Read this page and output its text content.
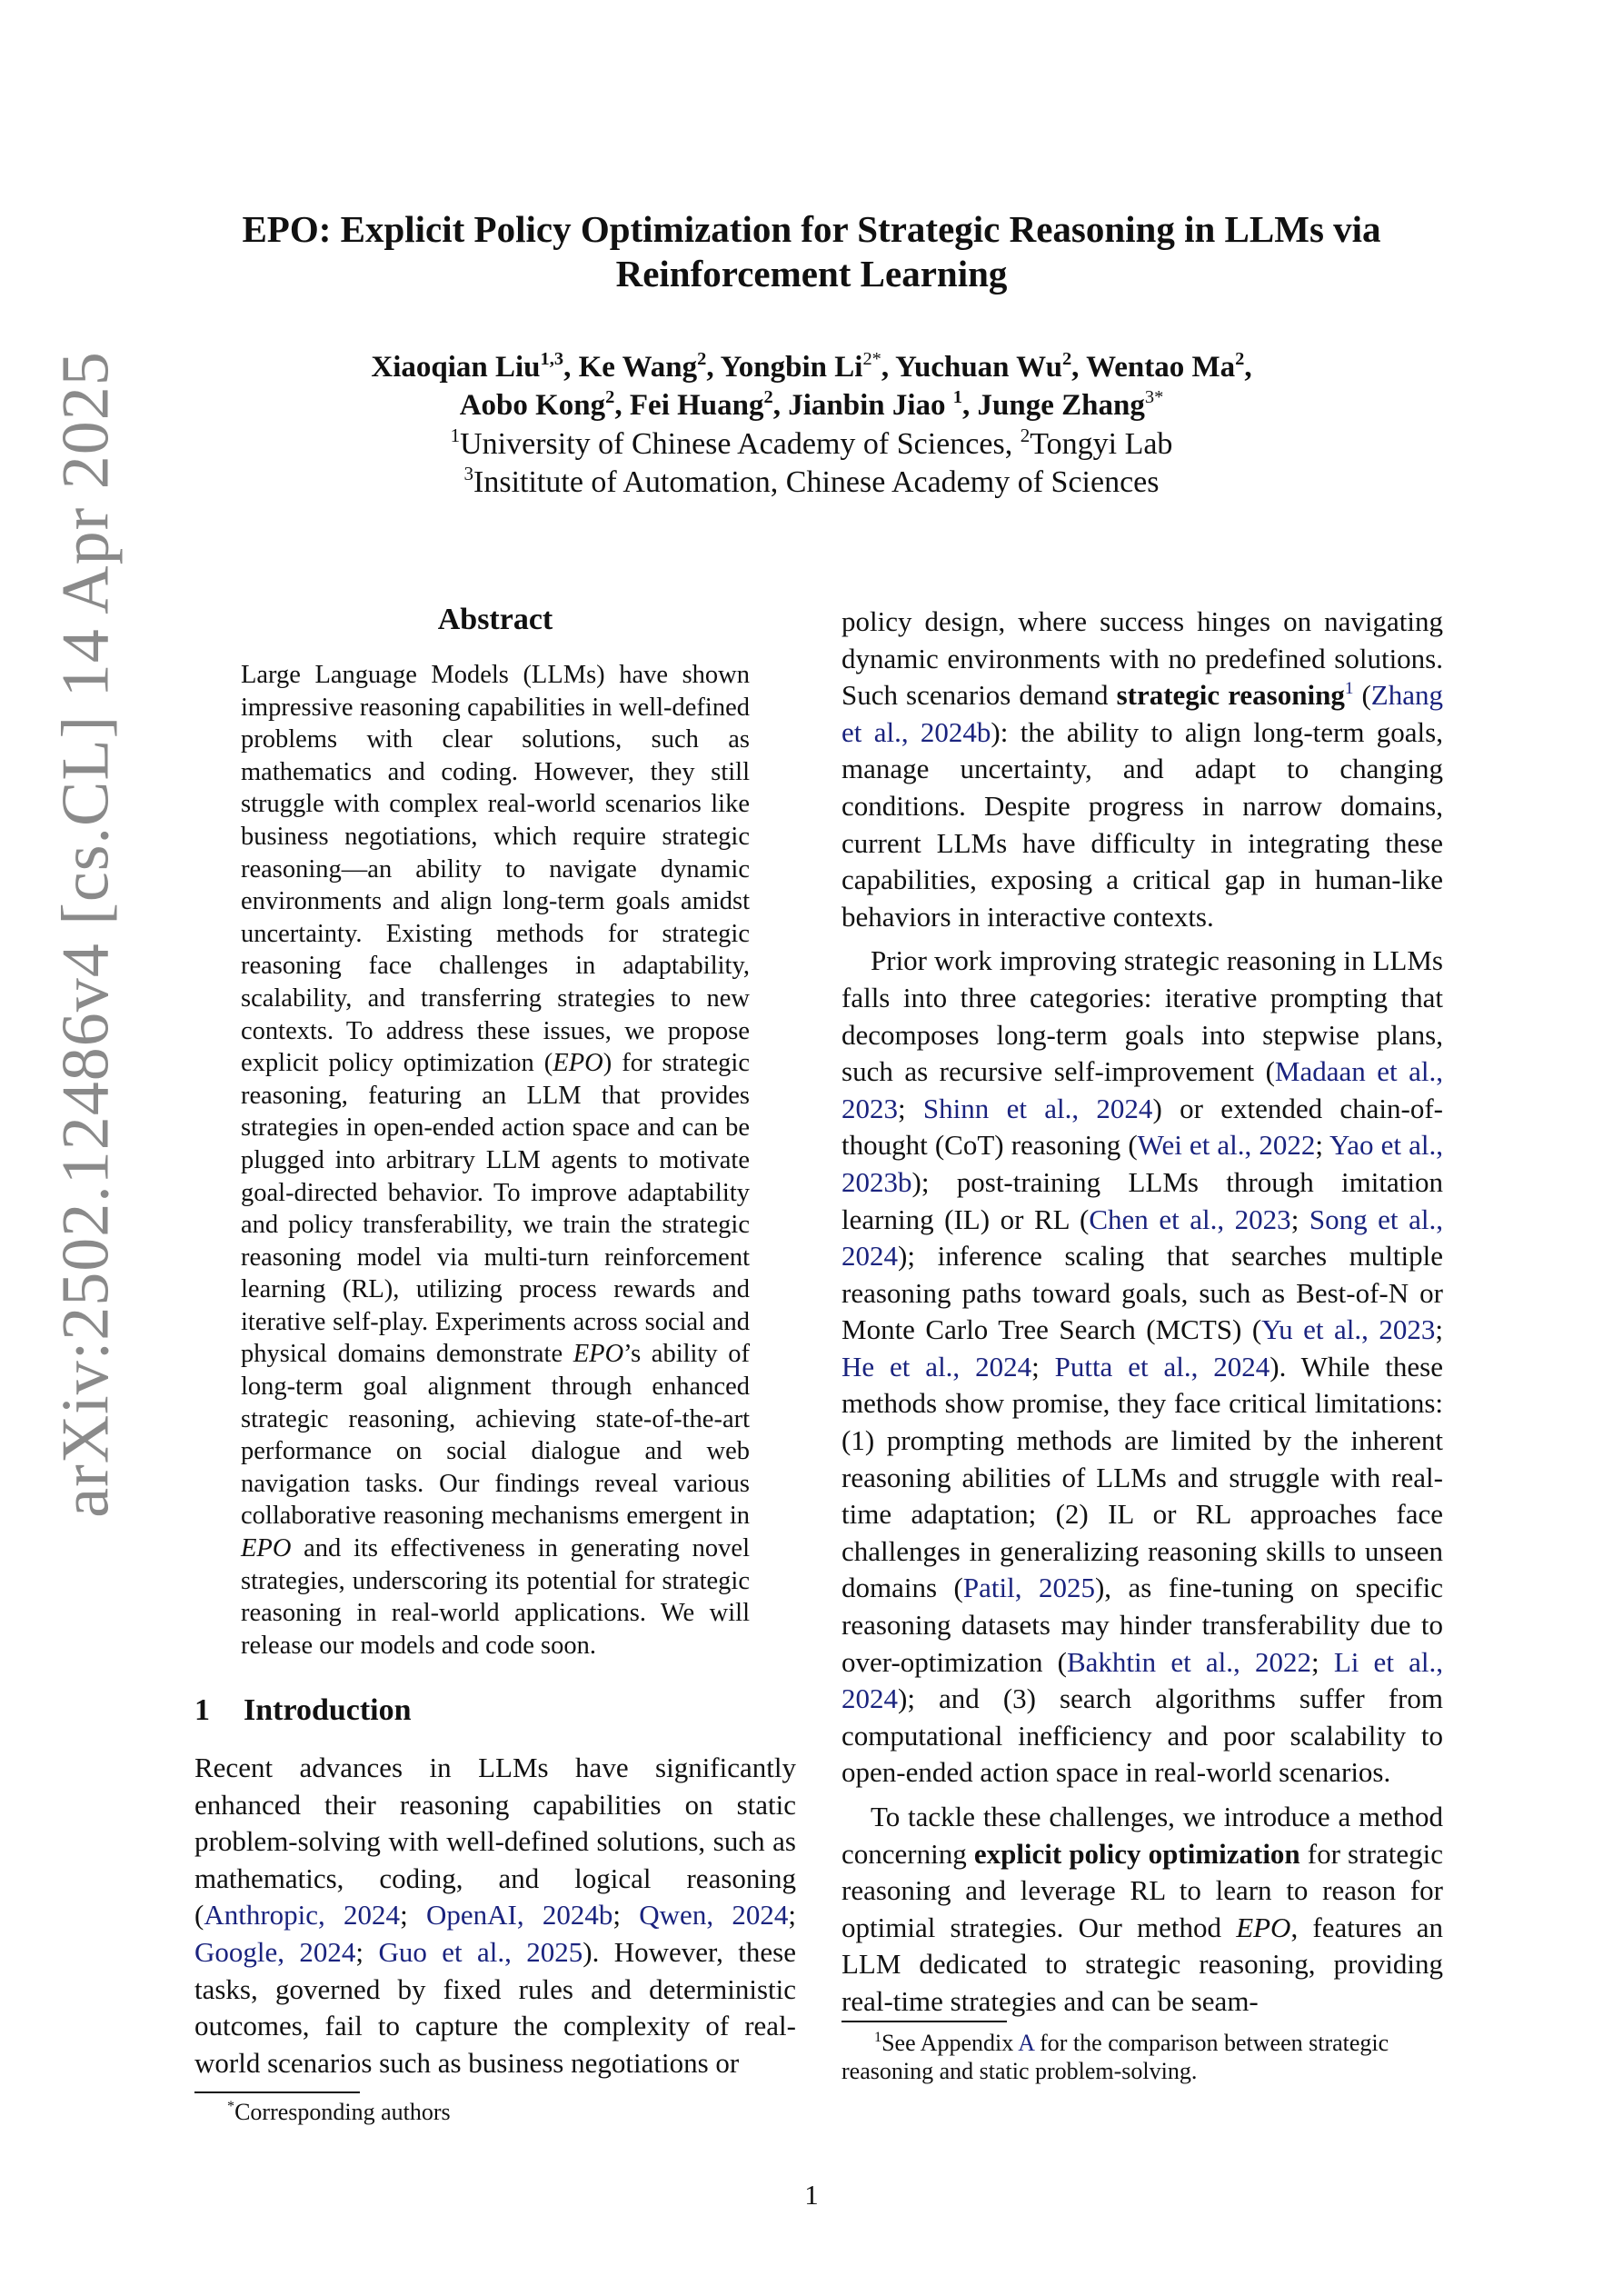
arXiv:2502.12486v4 [cs.CL] 14 Apr 2025
EPO: Explicit Policy Optimization for Strategic Reasoning in LLMs via
Reinforcement Learning
Xiaoqian Liu$^{1,3}$, Ke Wang$^2$, Yongbin $Li^{2*}$, Yuchuan Wu$^2$, Wentao Ma$^2$,
Aobo Kong$^2$, Fei Huang$^2$, Jianbin Jiao $^1$, Junge Zhang$^{3*}$
$^1$University of Chinese Academy of Sciences, $^2$Tongyi Lab
$^3$Insititute of Automation, Chinese Academy of Sciences
Abstract

Large Language Models (LLMs) have shown impressive reasoning capabilities in well-defined problems with clear solutions, such as mathematics and coding. However, they still struggle with complex real-world scenarios like business negotiations, which require strategic reasoning—an ability to navigate dynamic environments and align long-term goals amidst uncertainty. Existing methods for strategic reasoning face challenges in adaptability, scalability, and transferring strategies to new contexts. To address these issues, we propose explicit policy optimization (EPO) for strategic reasoning, featuring an LLM that provides strategies in open-ended action space and can be plugged into arbitrary LLM agents to motivate goal-directed behavior. To improve adaptability and policy transferability, we train the strategic reasoning model via multi-turn reinforcement learning (RL), utilizing process rewards and iterative self-play. Experiments across social and physical domains demonstrate EPO’s ability of long-term goal alignment through enhanced strategic reasoning, achieving state-of-the-art performance on social dialogue and web navigation tasks. Our findings reveal various collaborative reasoning mechanisms emergent in EPO and its effectiveness in generating novel strategies, underscoring its potential for strategic reasoning in real-world applications. We will release our models and code soon.

1 Introduction

Recent advances in LLMs have significantly enhanced their reasoning capabilities on static problem-solving with well-defined solutions, such as mathematics, coding, and logical reasoning (Anthropic, 2024; OpenAI, 2024b; Qwen, 2024; Google, 2024; Guo et al., 2025). However, these tasks, governed by fixed rules and deterministic outcomes, fail to capture the complexity of real-world scenarios such as business negotiations or

policy design, where success hinges on navigating dynamic environments with no predefined solutions. Such scenarios demand strategic reasoning$^1$ (Zhang et al., 2024b): the ability to align long-term goals, manage uncertainty, and adapt to changing conditions. Despite progress in narrow domains, current LLMs have difficulty in integrating these capabilities, exposing a critical gap in human-like behaviors in interactive contexts.

Prior work improving strategic reasoning in LLMs falls into three categories: iterative prompting that decomposes long-term goals into stepwise plans, such as recursive self-improvement (Madaan et al., 2023; Shinn et al., 2024) or extended chain-of-thought (CoT) reasoning (Wei et al., 2022; Yao et al., 2023b); post-training LLMs through imitation learning (IL) or RL (Chen et al., 2023; Song et al., 2024); inference scaling that searches multiple reasoning paths toward goals, such as Best-of-N or Monte Carlo Tree Search (MCTS) (Yu et al., 2023; He et al., 2024; Putta et al., 2024). While these methods show promise, they face critical limitations: (1) prompting methods are limited by the inherent reasoning abilities of LLMs and struggle with real-time adaptation; (2) IL or RL approaches face challenges in generalizing reasoning skills to unseen domains (Patil, 2025), as fine-tuning on specific reasoning datasets may hinder transferability due to over-optimization (Bakhtin et al., 2022; Li et al., 2024); and (3) search algorithms suffer from computational inefficiency and poor scalability to open-ended action space in real-world scenarios.

To tackle these challenges, we introduce a method concerning explicit policy optimization for strategic reasoning and leverage RL to learn to reason for optimial strategies. Our method EPO, features an LLM dedicated to strategic reasoning, providing real-time strategies and can be seam-

*Corresponding authors
$^1$See Appendix A for the comparison between strategic reasoning and static problem-solving.
1
